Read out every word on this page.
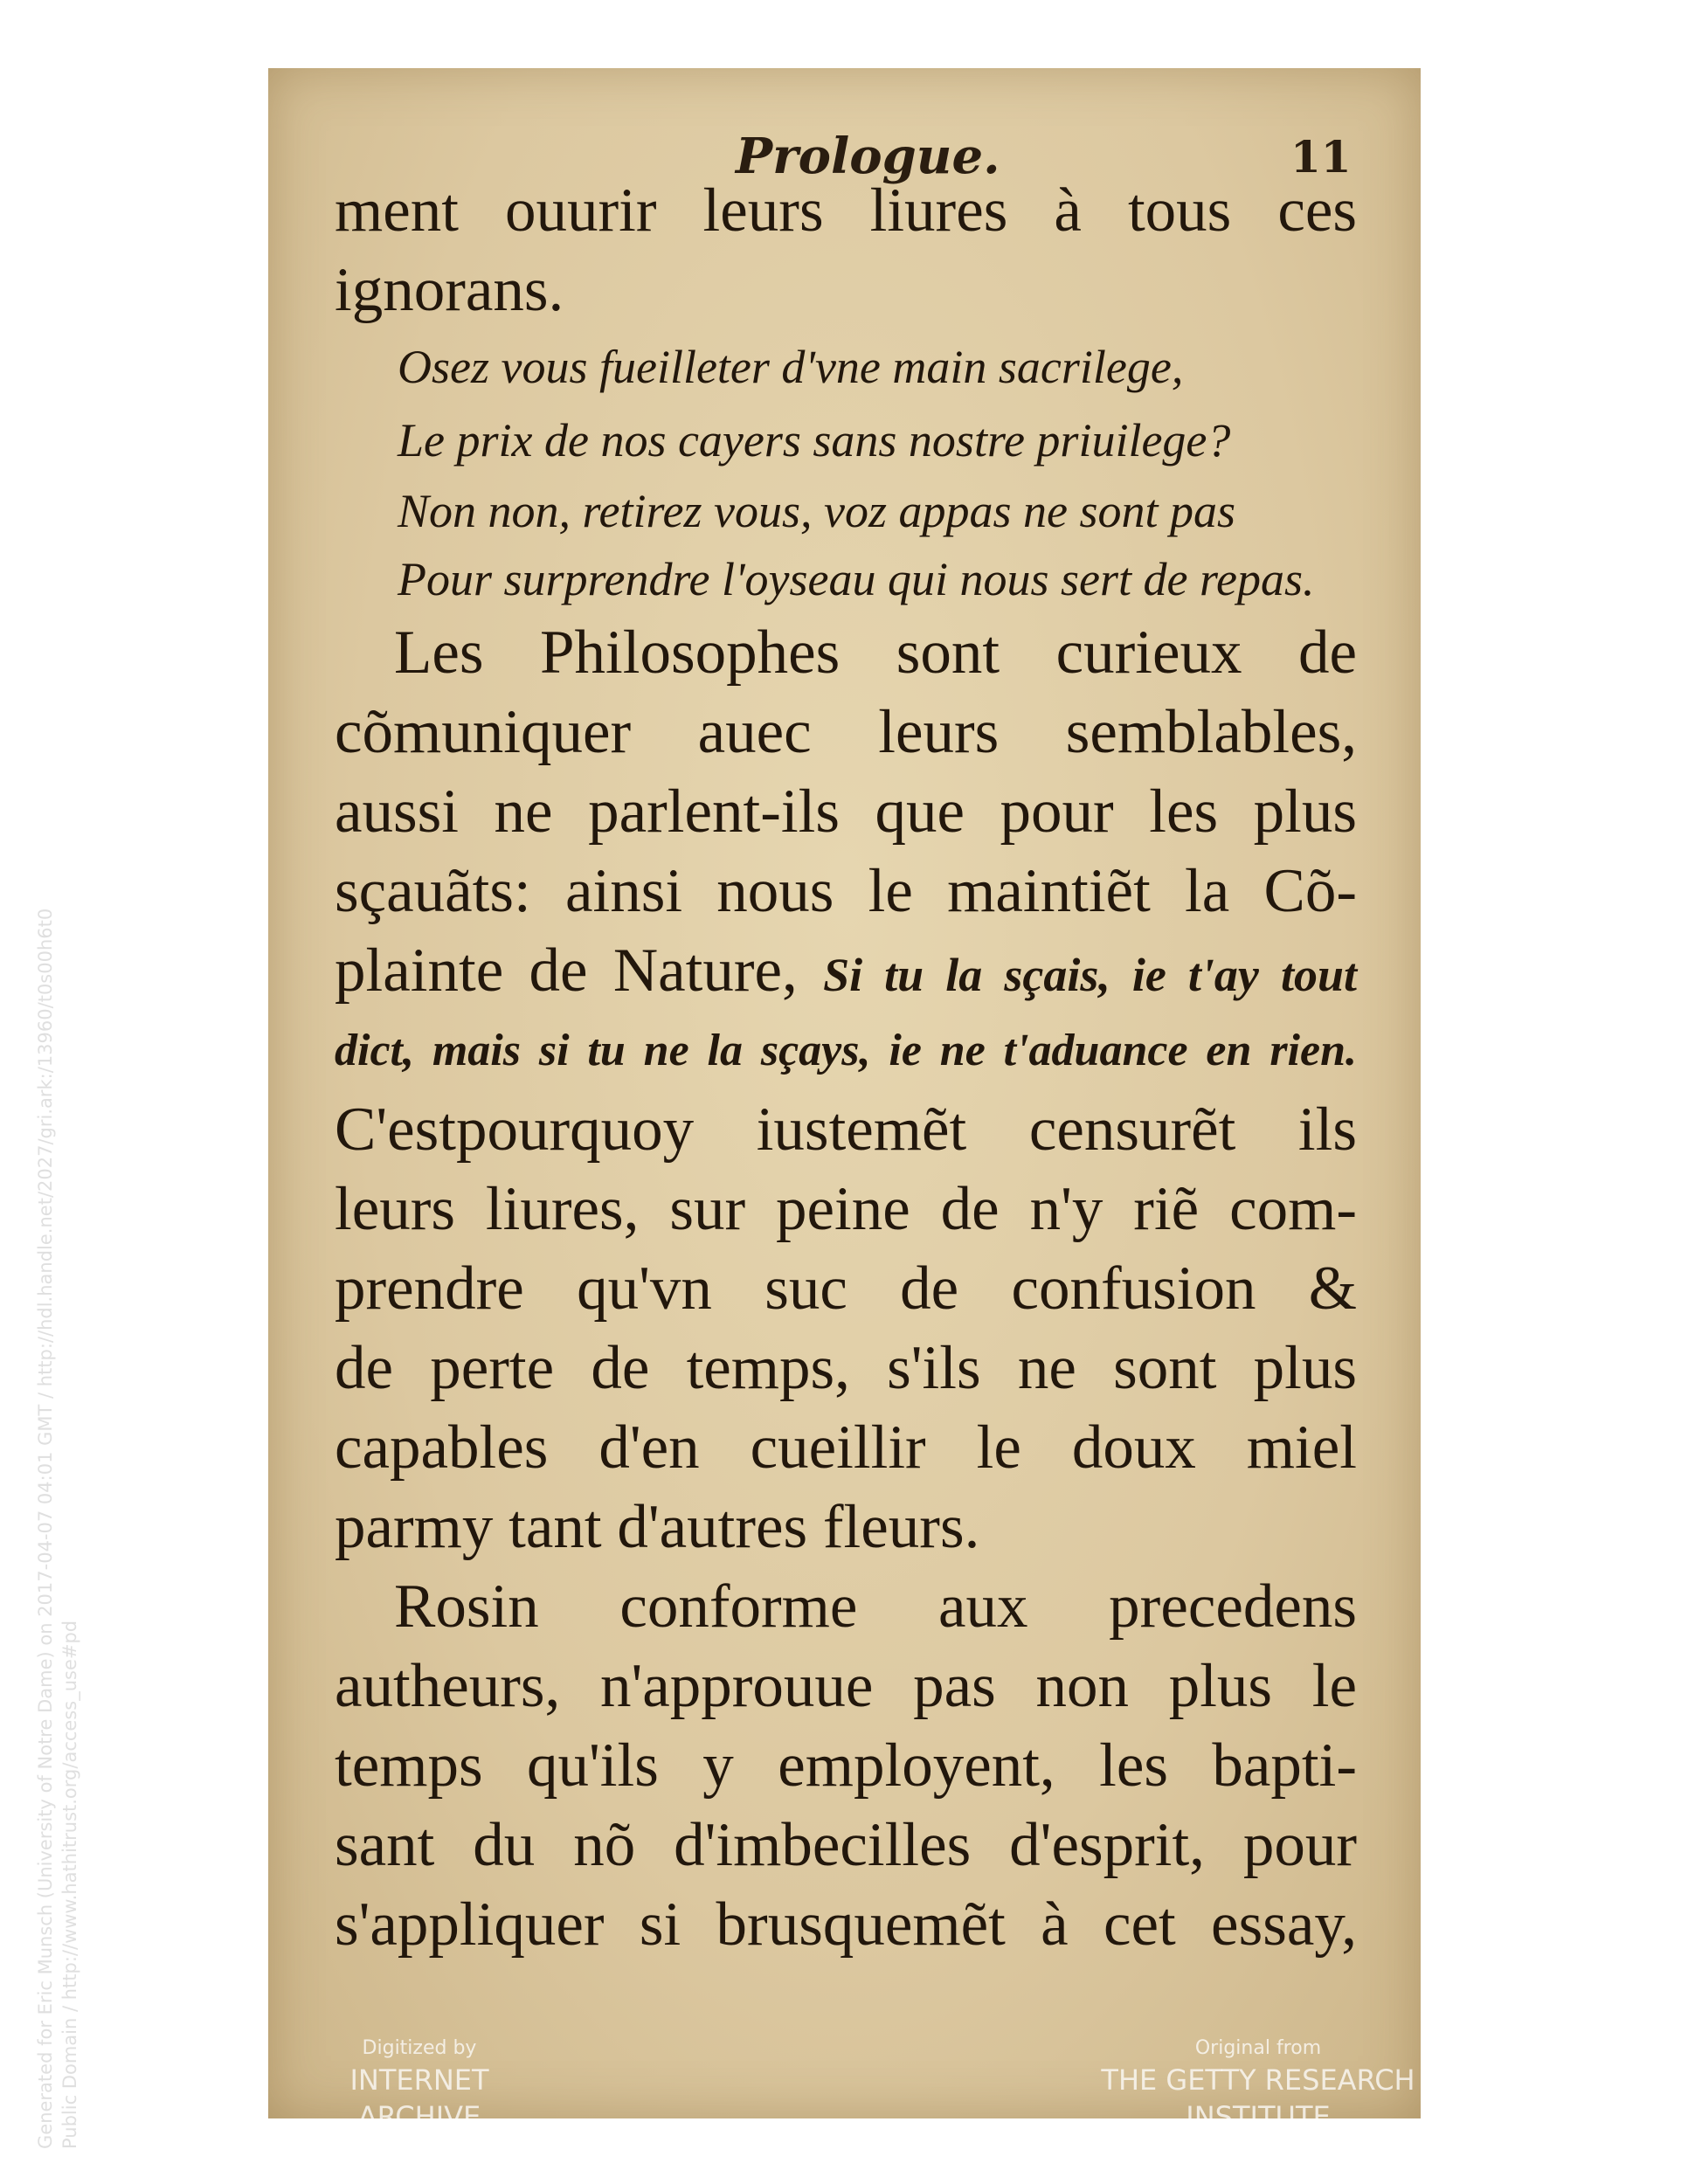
Prologue.	11
ment ouurir leurs liures à tous ces
ignorans.
Osez vous fueilleter d'vne main sacrilege,
Le prix de nos cayers sans nostre priuilege?
Non non, retirez vous, voz appas ne sont pas
Pour surprendre l'oyseau qui nous sert de repas.
Les Philosophes sont curieux de
cõmuniquer auec leurs semblables,
aussi ne parlent-ils que pour les plus
sçauãts: ainsi nous le maintiẽt la Cõ-
plainte de Nature, Si tu la sçais, ie t'ay tout
dict, mais si tu ne la sçays, ie ne t'aduance en rien.
C'estpourquoy iustemẽt censurẽt ils
leurs liures, sur peine de n'y riẽ com-
prendre qu'vn suc de confusion &
de perte de temps, s'ils ne sont plus
capables d'en cueillir le doux miel
parmy tant d'autres fleurs.
Rosin conforme aux precedens
autheurs, n'approuue pas non plus le
temps qu'ils y employent, les bapti-
sant du nõ d'imbecilles d'esprit, pour
s'appliquer si brusquemẽt à cet essay,
Digitized by
INTERNET ARCHIVE
Original from
THE GETTY RESEARCH INSTITUTE
Generated for Eric Munsch (University of Notre Dame) on 2017-04-07 04:01 GMT / http://hdl.handle.net/2027/gri.ark:/13960/t0s00h6t0 Public Domain / http://www.hathitrust.org/access_use#pd
